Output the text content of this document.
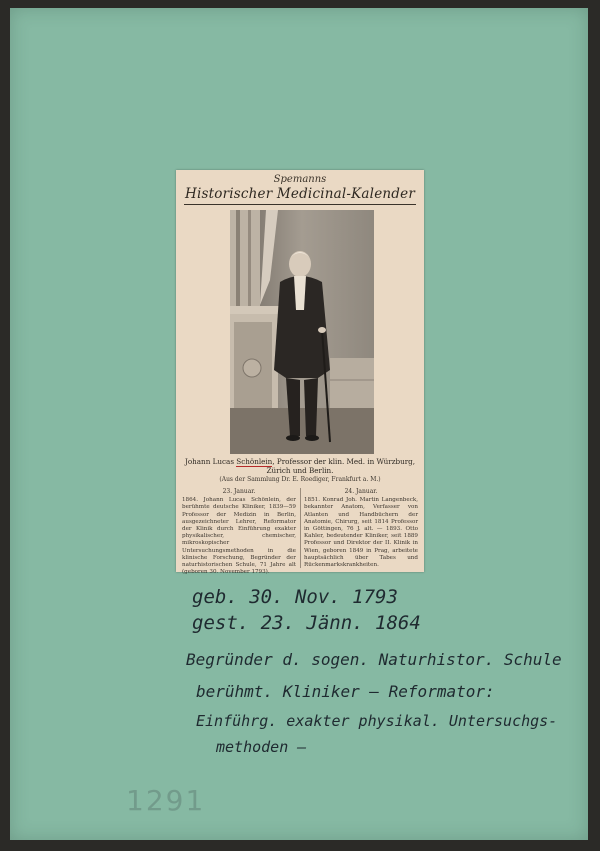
Spemanns
Historischer Medicinal-Kalender
Johann Lucas Schönlein, Professor der klin. Med. in Würzburg, Zürich und Berlin.
(Aus der Sammlung Dr. E. Roediger, Frankfurt a. M.)
23. Januar.
1864. Johann Lucas Schönlein, der berühmte deutsche Kliniker, 1839—59 Professor der Medizin in Berlin, ausgezeichneter Lehrer, Reformator der Klinik durch Einführung exakter physikalischer, chemischer, mikroskopischer Untersuchungsmethoden in die klinische Forschung, Begründer der naturhistorischen Schule, 71 Jahre alt (geboren 30. November 1793).
24. Januar.
1851. Konrad Joh. Martin Langenbeck, bekannter Anatom, Verfasser von Atlanten und Handbüchern der Anatomie, Chirurg, seit 1814 Professor in Göttingen, 76 J. alt. — 1893. Otto Kahler, bedeutender Kliniker, seit 1889 Professor und Direktor der II. Klinik in Wien, geboren 1849 in Prag, arbeitete hauptsächlich über Tabes und Rückenmarkskrankheiten.
geb. 30. Nov. 1793
gest. 23. Jänn. 1864
Begründer d. sogen. Naturhistor. Schule
berühmt. Kliniker — Reformator:
Einführg. exakter physikal. Untersuchgs-
methoden —
1291
